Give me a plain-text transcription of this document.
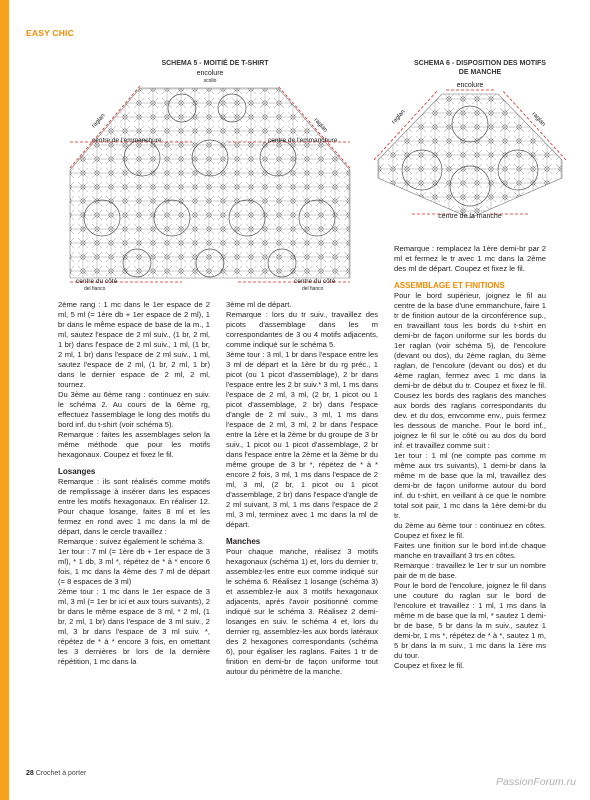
EASY CHIC
SCHEMA 5 - MOITIÉ DE T-SHIRT
encolure
scollo
raglan	raglan
centre de l'emmanchure	centre de l'emmanchure
centre du côté
del fianco
centre du côté
del fianco
SCHEMA 6 - DISPOSITION DES MOTIFS
DE MANCHE
encolure
raglan	raglan
centre de la manche

2ème rang : 1 mc dans le 1er espace de 2 ml, 5 ml (= 1ère db + 1er espace de 2 ml), 1 br dans le même espace de base de la m., 1 ml, sautez l'espace de 2 ml suiv., (1 br, 2 ml, 1 br) dans l'espace de 2 ml suiv., 1 ml, (1 br, 2 ml, 1 br) dans l'espace de 2 ml suiv., 1 ml, sautez l'espace de 2 ml, (1 br, 2 ml, 1 br) dans le dernier espace de 2 ml, 2 ml, tournez.

Du 3ème au 6ème rang : continuez en suiv. le schéma 2. Au cours de la 6ème rg, effectuez l'assemblage le long des motifs du bord inf. du t-shirt (voir schéma 5).

Remarque : faites les assemblages selon la même méthode que pour les motifs hexagonaux. Coupez et fixez le fil.

Losanges

Remarque : ils sont réalisés comme motifs de remplissage à insérer dans les espaces entre les motifs hexagonaux. En réaliser 12. Pour chaque losange, faites 8 ml et les fermez en rond avec 1 mc dans la ml de départ, dans le cercle travaillez :

Remarque : suivez également le schéma 3.

1er tour : 7 ml (= 1ère db + 1er espace de 3 ml), * 1 db, 3 ml *, répétez de * à * encore 6 fois, 1 mc dans la 4ème des 7 ml de départ (= 8 espaces de 3 ml)

2ème tour : 1 mc dans le 1er espace de 3 ml, 3 ml (= 1er br ici et aux tours suivants), 2 br dans le même espace de 3 ml, * 2 ml, (1 br, 2 ml, 1 br) dans l'espace de 3 ml suiv., 2 ml, 3 br dans l'espace de 3 ml suiv. *, répétez de * à * encore 3 fois, en omettant les 3 dernières br lors de la dernière répétition, 1 mc dans la

3ème ml de départ.

Remarque : lors du tr suiv., travaillez des picots d'assemblage dans les m correspondantes de 3 ou 4 motifs adjacents, comme indiqué sur le schéma 5.

3ème tour : 3 ml, 1 br dans l'espace entre les 3 ml de départ et la 1ère br du rg préc., 1 picot (ou 1 picot d'assemblage), 2 br dans l'espace entre les 2 br suiv.* 3 ml, 1 ms dans l'espace de 2 ml, 3 ml, (2 br, 1 picot ou 1 picot d'assemblage, 2 br) dans l'espace d'angle de 2 ml suiv., 3 ml, 1 ms dans l'espace de 2 ml, 3 ml, 2 br dans l'espace entre la 1ère et la 2ème br du groupe de 3 br suiv., 1 picot ou 1 picot d'assemblage, 2 br dans l'espace entre la 2ème et la 3ème br du même groupe de 3 br *, répétez de * à * encore 2 fois, 3 ml, 1 ms dans l'espace de 2 ml, 3 ml, (2 br, 1 picot ou 1 picot d'assemblage, 2 br) dans l'espace d'angle de 2 ml suivant, 3 ml, 1 ms dans l'espace de 2 ml, 3 ml, terminez avec 1 mc dans la ml de départ.

Manches

Pour chaque manche, réalisez 3 motifs hexagonaux (schéma 1) et, lors du dernier tr, assemblez-les entre eux comme indiqué sur le schéma 6. Réalisez 1 losange (schéma 3) et assemblez-le aux 3 motifs hexagonaux adjacents, après l'avoir positionné comme indiqué sur le schéma 3. Réalisez 2 demi-losanges en suiv. le schéma 4 et, lors du dernier rg, assemblez-les aux bords latéraux des 2 hexagones correspondants (schéma 6), pour égaliser les raglans. Faites 1 tr de finition en demi-br de façon uniforme tout autour du périmètre de la manche.

Remarque : remplacez la 1ère demi-br par 2 ml et fermez le tr avec 1 mc dans la 2ème des ml de départ. Coupez et fixez le fil.

ASSEMBLAGE ET FINITIONS

Pour le bord supérieur, joignez le fil au centre de la base d'une emmanchure, faire 1 tr de finition autour de la circonférence sup., en travaillant tous les bords du t-shirt en demi-br de façon uniforme sur les bords du 1er raglan (voir schéma 5), de l'encolure (devant ou dos), du 2ème raglan, du 3ème raglan, de l'encolure (devant ou dos) et du 4ème raglan, fermez avec 1 mc dans la demi-br de début du tr. Coupez et fixez le fil. Cousez les bords des raglans des manches aux bords des raglans correspondants du dev. et du dos, envcomme env., puis fermez les dessous de manche. Pour le bord inf., joignez le fil sur le côté ou au dos du bord inf. et travaillez comme suit :

1er tour : 1 ml (ne compte pas comme m même aux trs suivants), 1 demi-br dans la même m de base que la ml, travaillez des demi-br de façon uniforme autour du bord inf. du t-shirt, en veillant à ce que le nombre total soit pair, 1 mc dans la 1ère demi-br du tr.

du 2ème au 6ème tour : continuez en côtes. Coupez et fixez le fil.

Faites une finition sur le bord inf.de chaque manche en travaillant 3 trs en côtes.

Remarque : travaillez le 1er tr sur un nombre pair de m de base.

Pour le bord de l'encolure, joignez le fil dans une couture du raglan sur le bord de l'encolure et travaillez : 1 ml, 1 ms dans la même m de base que la ml, * sautez 1 demi-br de base, 5 br dans la m suiv., sautez 1 demi-br, 1 ms *, répétez de * à *, sautez 1 m, 5 br dans la m suiv., 1 mc dans la 1ère ms du tour.

Coupez et fixez le fil.

28 Crochet à porter
PassionForum.ru
